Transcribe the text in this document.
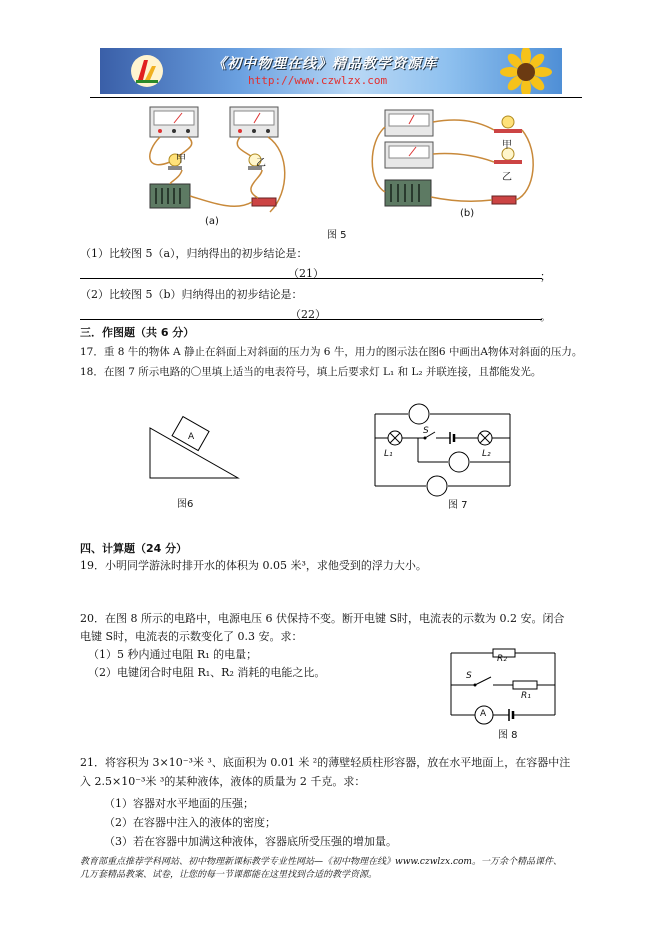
《初中物理在线》精品教学资源库
http://www.czwlzx.com
甲	乙
甲
乙
(a)
(b)
图 5
（1）比较图 5（a），归纳得出的初步结论是：
（21）	；
（2）比较图 5（b）归纳得出的初步结论是：
（22）	。
三．作图题（共 6 分）
17．重 8 牛的物体 A 静止在斜面上对斜面的压力为 6 牛，用力的图示法在图6 中画出A物体对斜面的压力。
18．在图 7 所示电路的〇里填上适当的电表符号，填上后要求灯 L₁ 和 L₂ 并联连接，且都能发光。
A
图6
S
L₁	L₂
图 7
四、计算题（24 分）
19．小明同学游泳时排开水的体积为 0.05 米³，求他受到的浮力大小。
20．在图 8 所示的电路中，电源电压 6 伏保持不变。断开电键 S时，电流表的示数为 0.2 安。闭合
电键 S时，电流表的示数变化了 0.3 安。求：
（1）5 秒内通过电阻 R₁ 的电量；
（2）电键闭合时电阻 R₁、R₂ 消耗的电能之比。
R₂
S
R₁
A
图 8
21．将容积为 3×10⁻³米 ³、底面积为 0.01 米 ²的薄壁轻质柱形容器，放在水平地面上，在容器中注
入 2.5×10⁻³米 ³的某种液体，液体的质量为 2 千克。求：
（1）容器对水平地面的压强；
（2）在容器中注入的液体的密度；
（3）若在容器中加满这种液体，容器底所受压强的增加量。
教育部重点推荐学科网站、初中物理新课标教学专业性网站—《初中物理在线》www.czwlzx.com。一万余个精品课件、
几万套精品教案、试卷，让您的每一节课都能在这里找到合适的教学资源。
